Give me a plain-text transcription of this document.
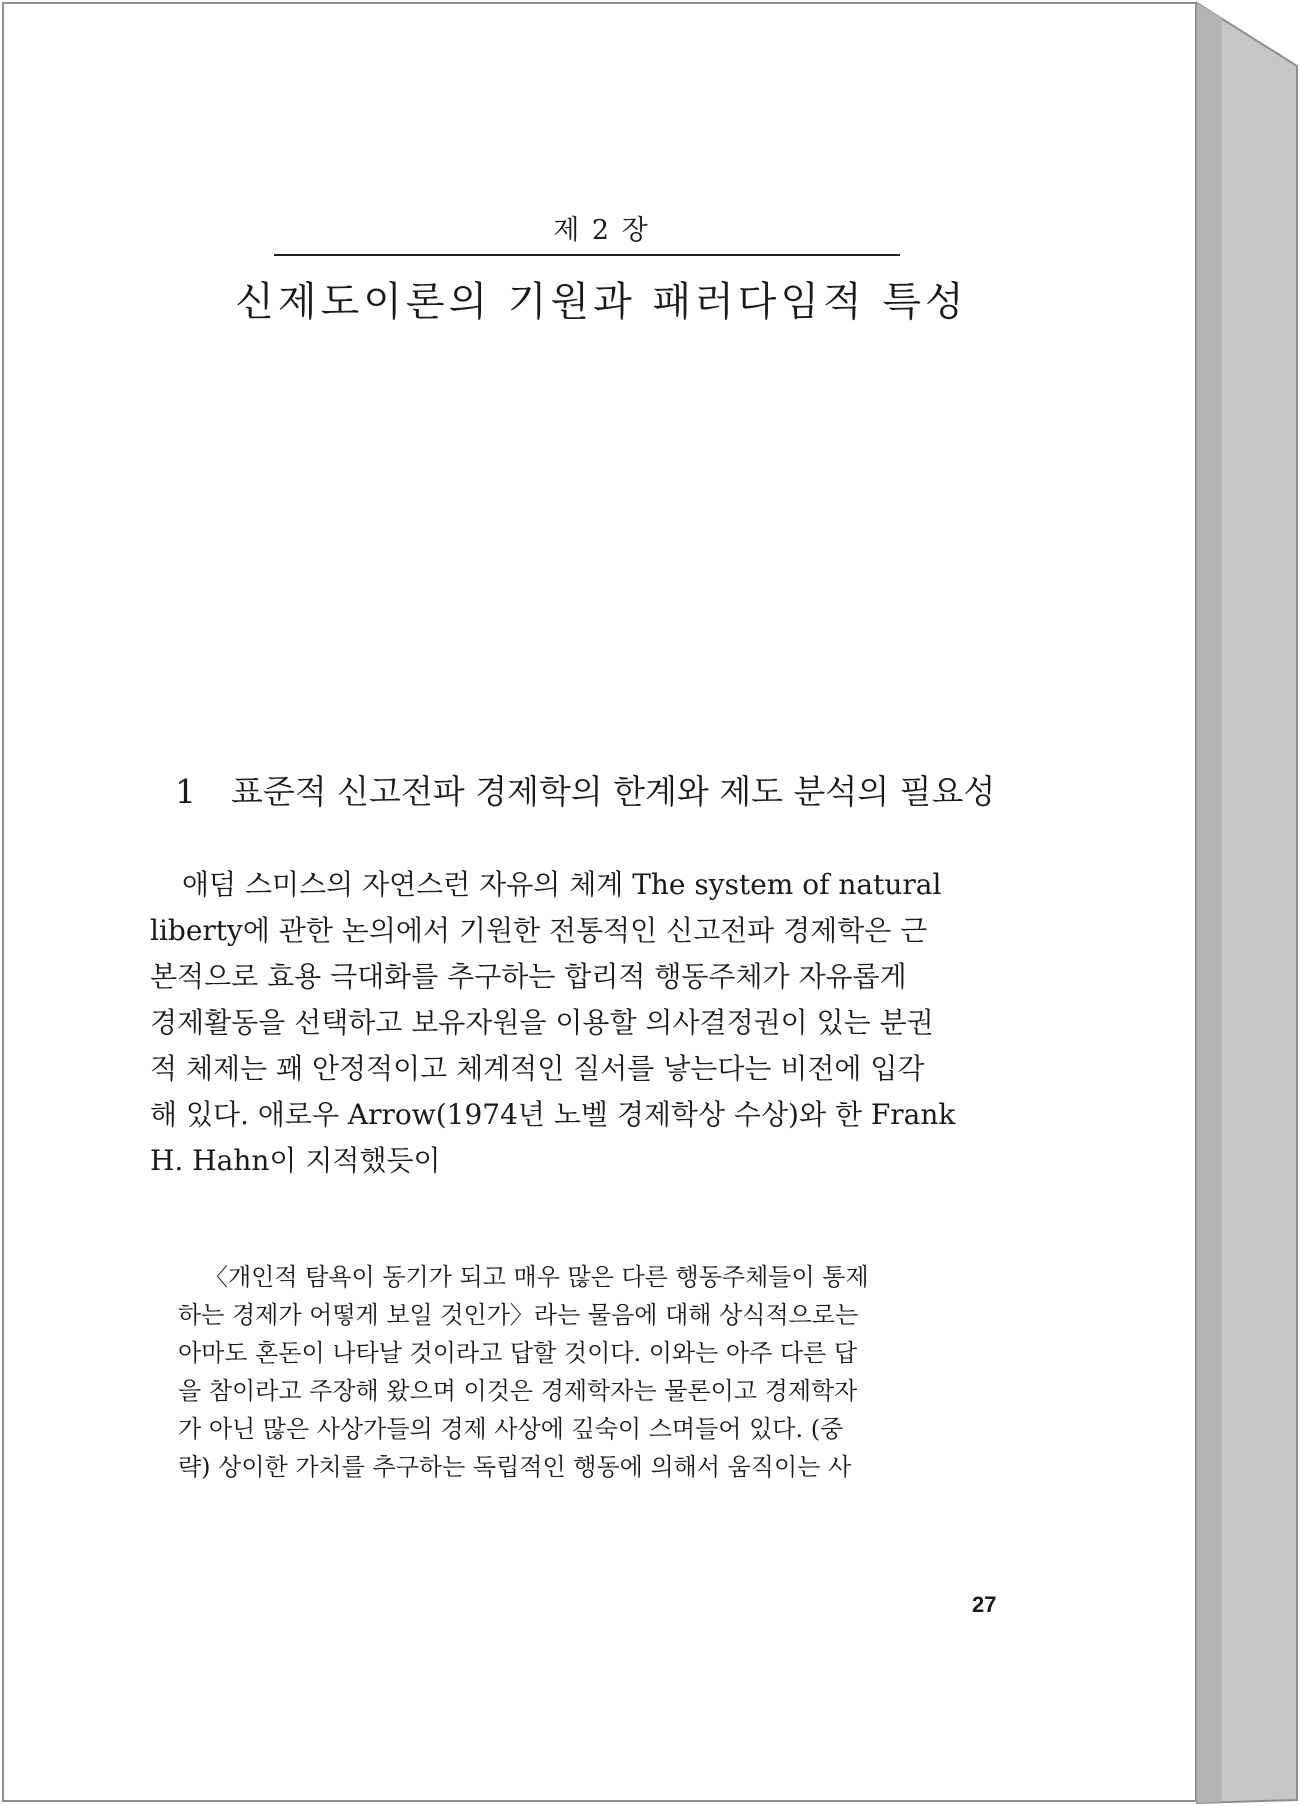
제 2 장
신제도이론의 기원과 패러다임적 특성
1 표준적 신고전파 경제학의 한계와 제도 분석의 필요성
애덤 스미스의 자연스런 자유의 체계 The system of natural
liberty에 관한 논의에서 기원한 전통적인 신고전파 경제학은 근
본적으로 효용 극대화를 추구하는 합리적 행동주체가 자유롭게
경제활동을 선택하고 보유자원을 이용할 의사결정권이 있는 분권
적 체제는 꽤 안정적이고 체계적인 질서를 낳는다는 비전에 입각
해 있다. 애로우 Arrow(1974년 노벨 경제학상 수상)와 한 Frank
H. Hahn이 지적했듯이
〈개인적 탐욕이 동기가 되고 매우 많은 다른 행동주체들이 통제
하는 경제가 어떻게 보일 것인가〉라는 물음에 대해 상식적으로는
아마도 혼돈이 나타날 것이라고 답할 것이다. 이와는 아주 다른 답
을 참이라고 주장해 왔으며 이것은 경제학자는 물론이고 경제학자
가 아닌 많은 사상가들의 경제 사상에 깊숙이 스며들어 있다. (중
략) 상이한 가치를 추구하는 독립적인 행동에 의해서 움직이는 사
27
